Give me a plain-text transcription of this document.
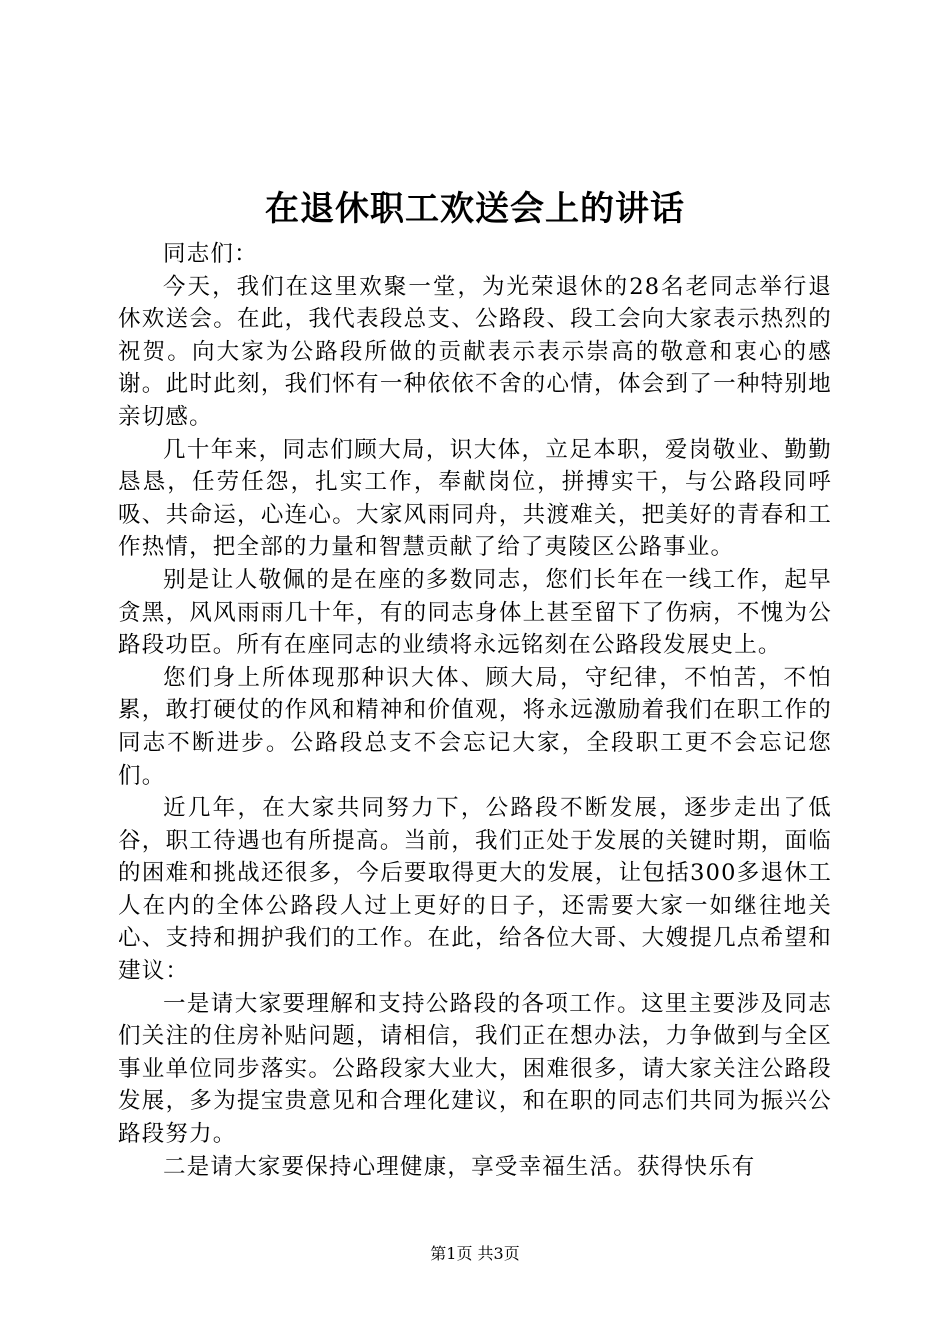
在退休职工欢送会上的讲话

同志们：

今天，我们在这里欢聚一堂，为光荣退休的28名老同志举行退休欢送会。在此，我代表段总支、公路段、段工会向大家表示热烈的祝贺。向大家为公路段所做的贡献表示表示崇高的敬意和衷心的感谢。此时此刻，我们怀有一种依依不舍的心情，体会到了一种特别地亲切感。

几十年来，同志们顾大局，识大体，立足本职，爱岗敬业、勤勤恳恳，任劳任怨，扎实工作，奉献岗位，拼搏实干，与公路段同呼吸、共命运，心连心。大家风雨同舟，共渡难关，把美好的青春和工作热情，把全部的力量和智慧贡献了给了夷陵区公路事业。

别是让人敬佩的是在座的多数同志，您们长年在一线工作，起早贪黑，风风雨雨几十年，有的同志身体上甚至留下了伤病，不愧为公路段功臣。所有在座同志的业绩将永远铭刻在公路段发展史上。

您们身上所体现那种识大体、顾大局，守纪律，不怕苦，不怕累，敢打硬仗的作风和精神和价值观，将永远激励着我们在职工作的同志不断进步。公路段总支不会忘记大家，全段职工更不会忘记您们。

近几年，在大家共同努力下，公路段不断发展，逐步走出了低谷，职工待遇也有所提高。当前，我们正处于发展的关键时期，面临的困难和挑战还很多，今后要取得更大的发展，让包括300多退休工人在内的全体公路段人过上更好的日子，还需要大家一如继往地关心、支持和拥护我们的工作。在此，给各位大哥、大嫂提几点希望和建议：

一是请大家要理解和支持公路段的各项工作。这里主要涉及同志们关注的住房补贴问题，请相信，我们正在想办法，力争做到与全区事业单位同步落实。公路段家大业大，困难很多，请大家关注公路段发展，多为提宝贵意见和合理化建议，和在职的同志们共同为振兴公路段努力。

二是请大家要保持心理健康，享受幸福生活。获得快乐有

第1页 共3页
